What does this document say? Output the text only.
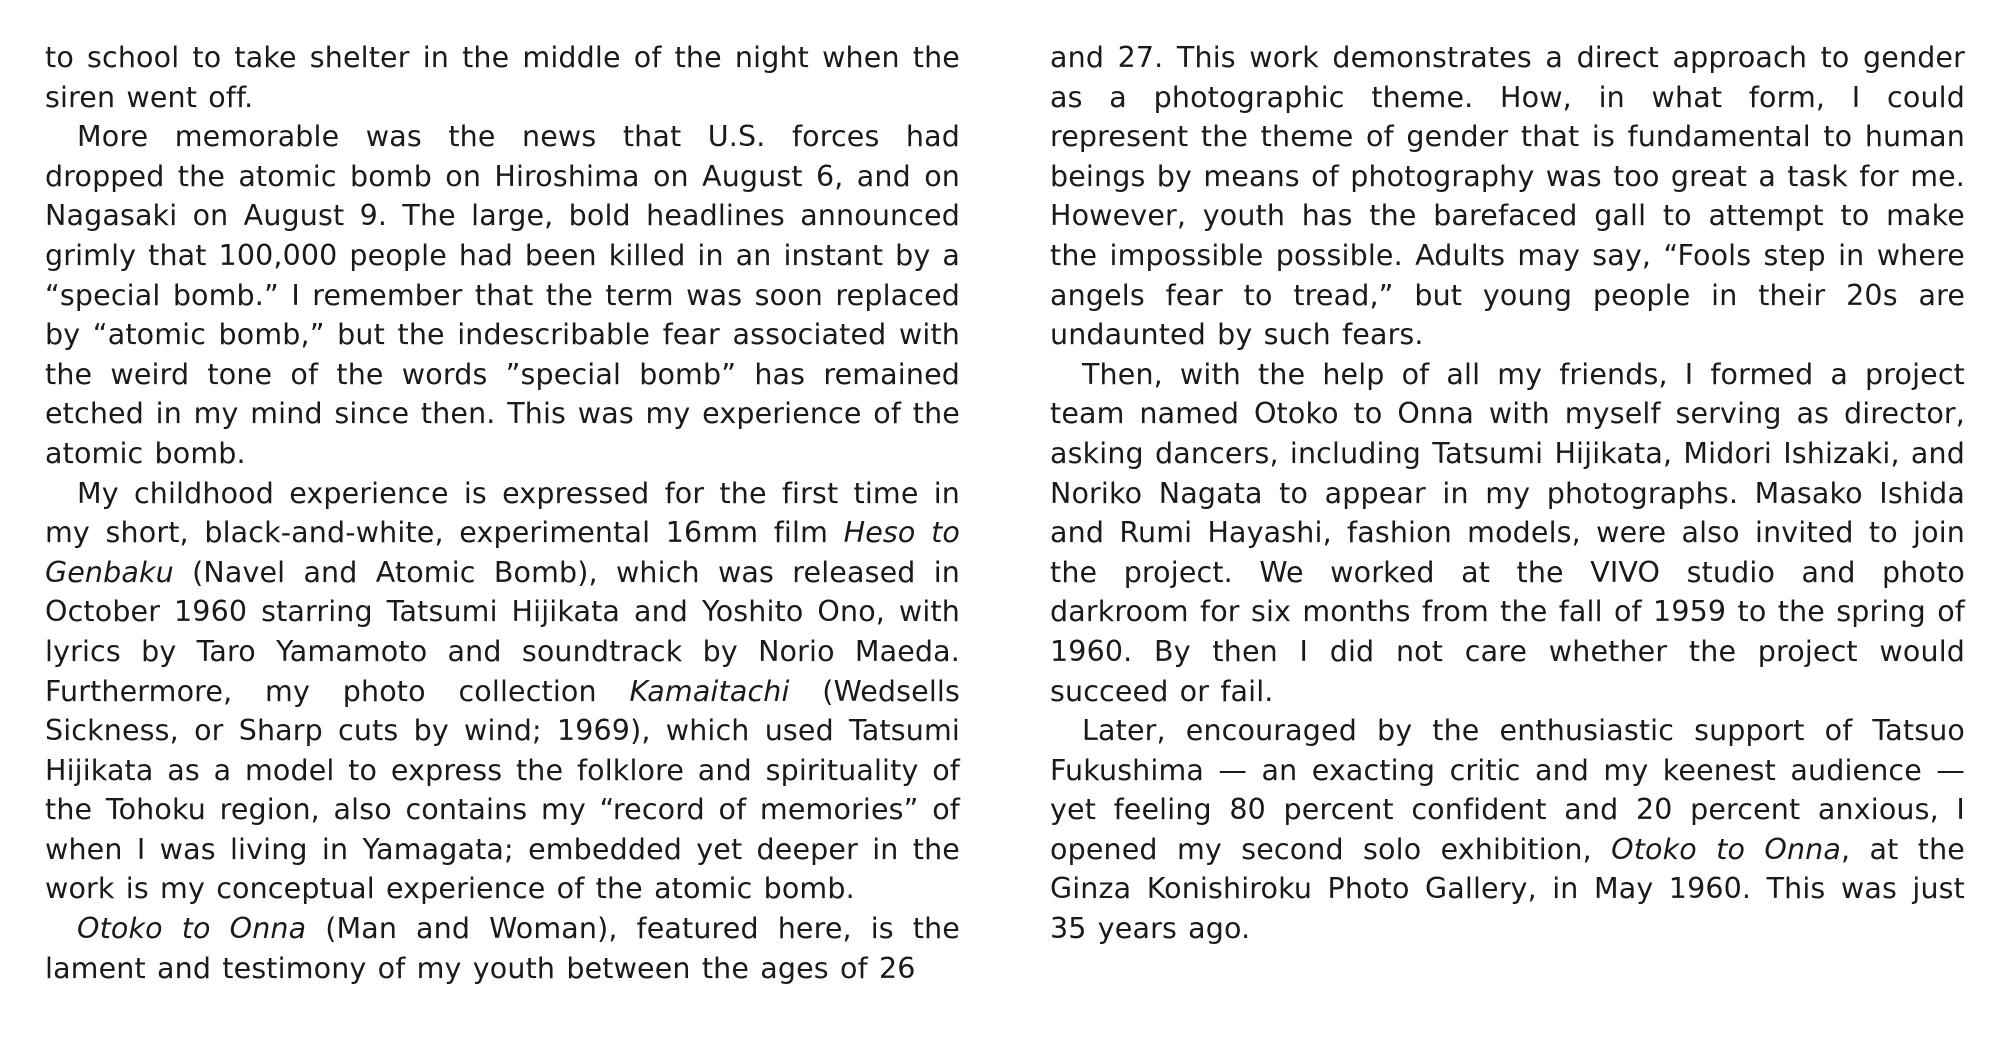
to school to take shelter in the middle of the night when the siren went off.

More memorable was the news that U.S. forces had dropped the atomic bomb on Hiroshima on August 6, and on Nagasaki on August 9. The large, bold headlines announced grimly that 100,000 people had been killed in an instant by a “special bomb.” I remember that the term was soon replaced by “atomic bomb,” but the indescribable fear associated with the weird tone of the words ”special bomb” has remained etched in my mind since then. This was my experience of the atomic bomb.

My childhood experience is expressed for the first time in my short, black-and-white, experimental 16mm film Heso to Genbaku (Navel and Atomic Bomb), which was released in October 1960 starring Tatsumi Hijikata and Yoshito Ono, with lyrics by Taro Yamamoto and soundtrack by Norio Maeda. Furthermore, my photo collection Kamaitachi (Wedsells Sickness, or Sharp cuts by wind; 1969), which used Tatsumi Hijikata as a model to express the folklore and spirituality of the Tohoku region, also contains my “record of memories” of when I was living in Yamagata; embedded yet deeper in the work is my conceptual experience of the atomic bomb.

Otoko to Onna (Man and Woman), featured here, is the lament and testimony of my youth between the ages of 26

and 27. This work demonstrates a direct approach to gender as a photographic theme. How, in what form, I could represent the theme of gender that is fundamental to human beings by means of photography was too great a task for me. However, youth has the barefaced gall to attempt to make the impossible possible. Adults may say, “Fools step in where angels fear to tread,” but young people in their 20s are undaunted by such fears.

Then, with the help of all my friends, I formed a project team named Otoko to Onna with myself serving as director, asking dancers, including Tatsumi Hijikata, Midori Ishizaki, and Noriko Nagata to appear in my photographs. Masako Ishida and Rumi Hayashi, fashion models, were also invited to join the project. We worked at the VIVO studio and photo darkroom for six months from the fall of 1959 to the spring of 1960. By then I did not care whether the project would succeed or fail.

Later, encouraged by the enthusiastic support of Tatsuo Fukushima — an exacting critic and my keenest audience — yet feeling 80 percent confident and 20 percent anxious, I opened my second solo exhibition, Otoko to Onna, at the Ginza Konishiroku Photo Gallery, in May 1960. This was just 35 years ago.
